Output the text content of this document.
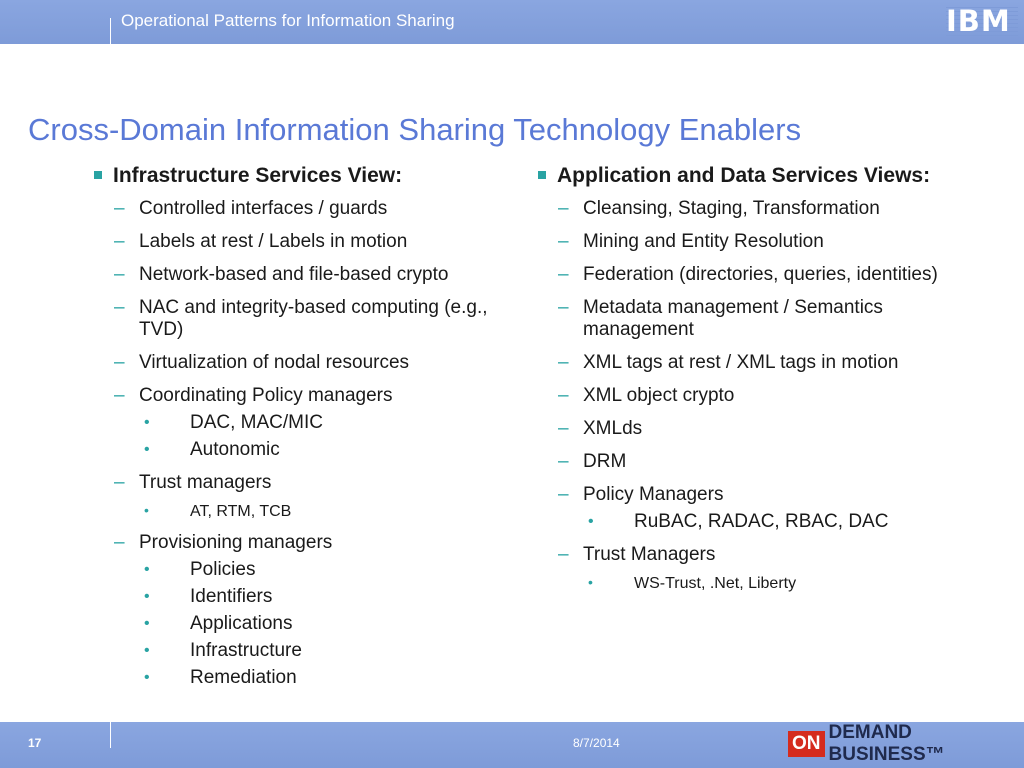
Operational Patterns for Information Sharing	IBM
Cross-Domain Information Sharing Technology Enablers
Infrastructure Services View:
– Controlled interfaces / guards
– Labels at rest / Labels in motion
– Network-based and file-based crypto
– NAC and integrity-based computing (e.g., TVD)
– Virtualization of nodal resources
– Coordinating Policy managers
• DAC, MAC/MIC
• Autonomic
– Trust managers
•	AT, RTM, TCB
– Provisioning managers
• Policies
• Identifiers
• Applications
• Infrastructure
• Remediation
Application and Data Services Views:
– Cleansing, Staging, Transformation
– Mining and Entity Resolution
– Federation (directories, queries, identities)
– Metadata management / Semantics management
– XML tags at rest / XML tags in motion
– XML object crypto
– XMLds
– DRM
– Policy Managers
• RuBAC, RADAC, RBAC, DAC
– Trust Managers
•	WS-Trust, .Net, Liberty
17	8/7/2014	ON
DEMAND BUSINESS™
